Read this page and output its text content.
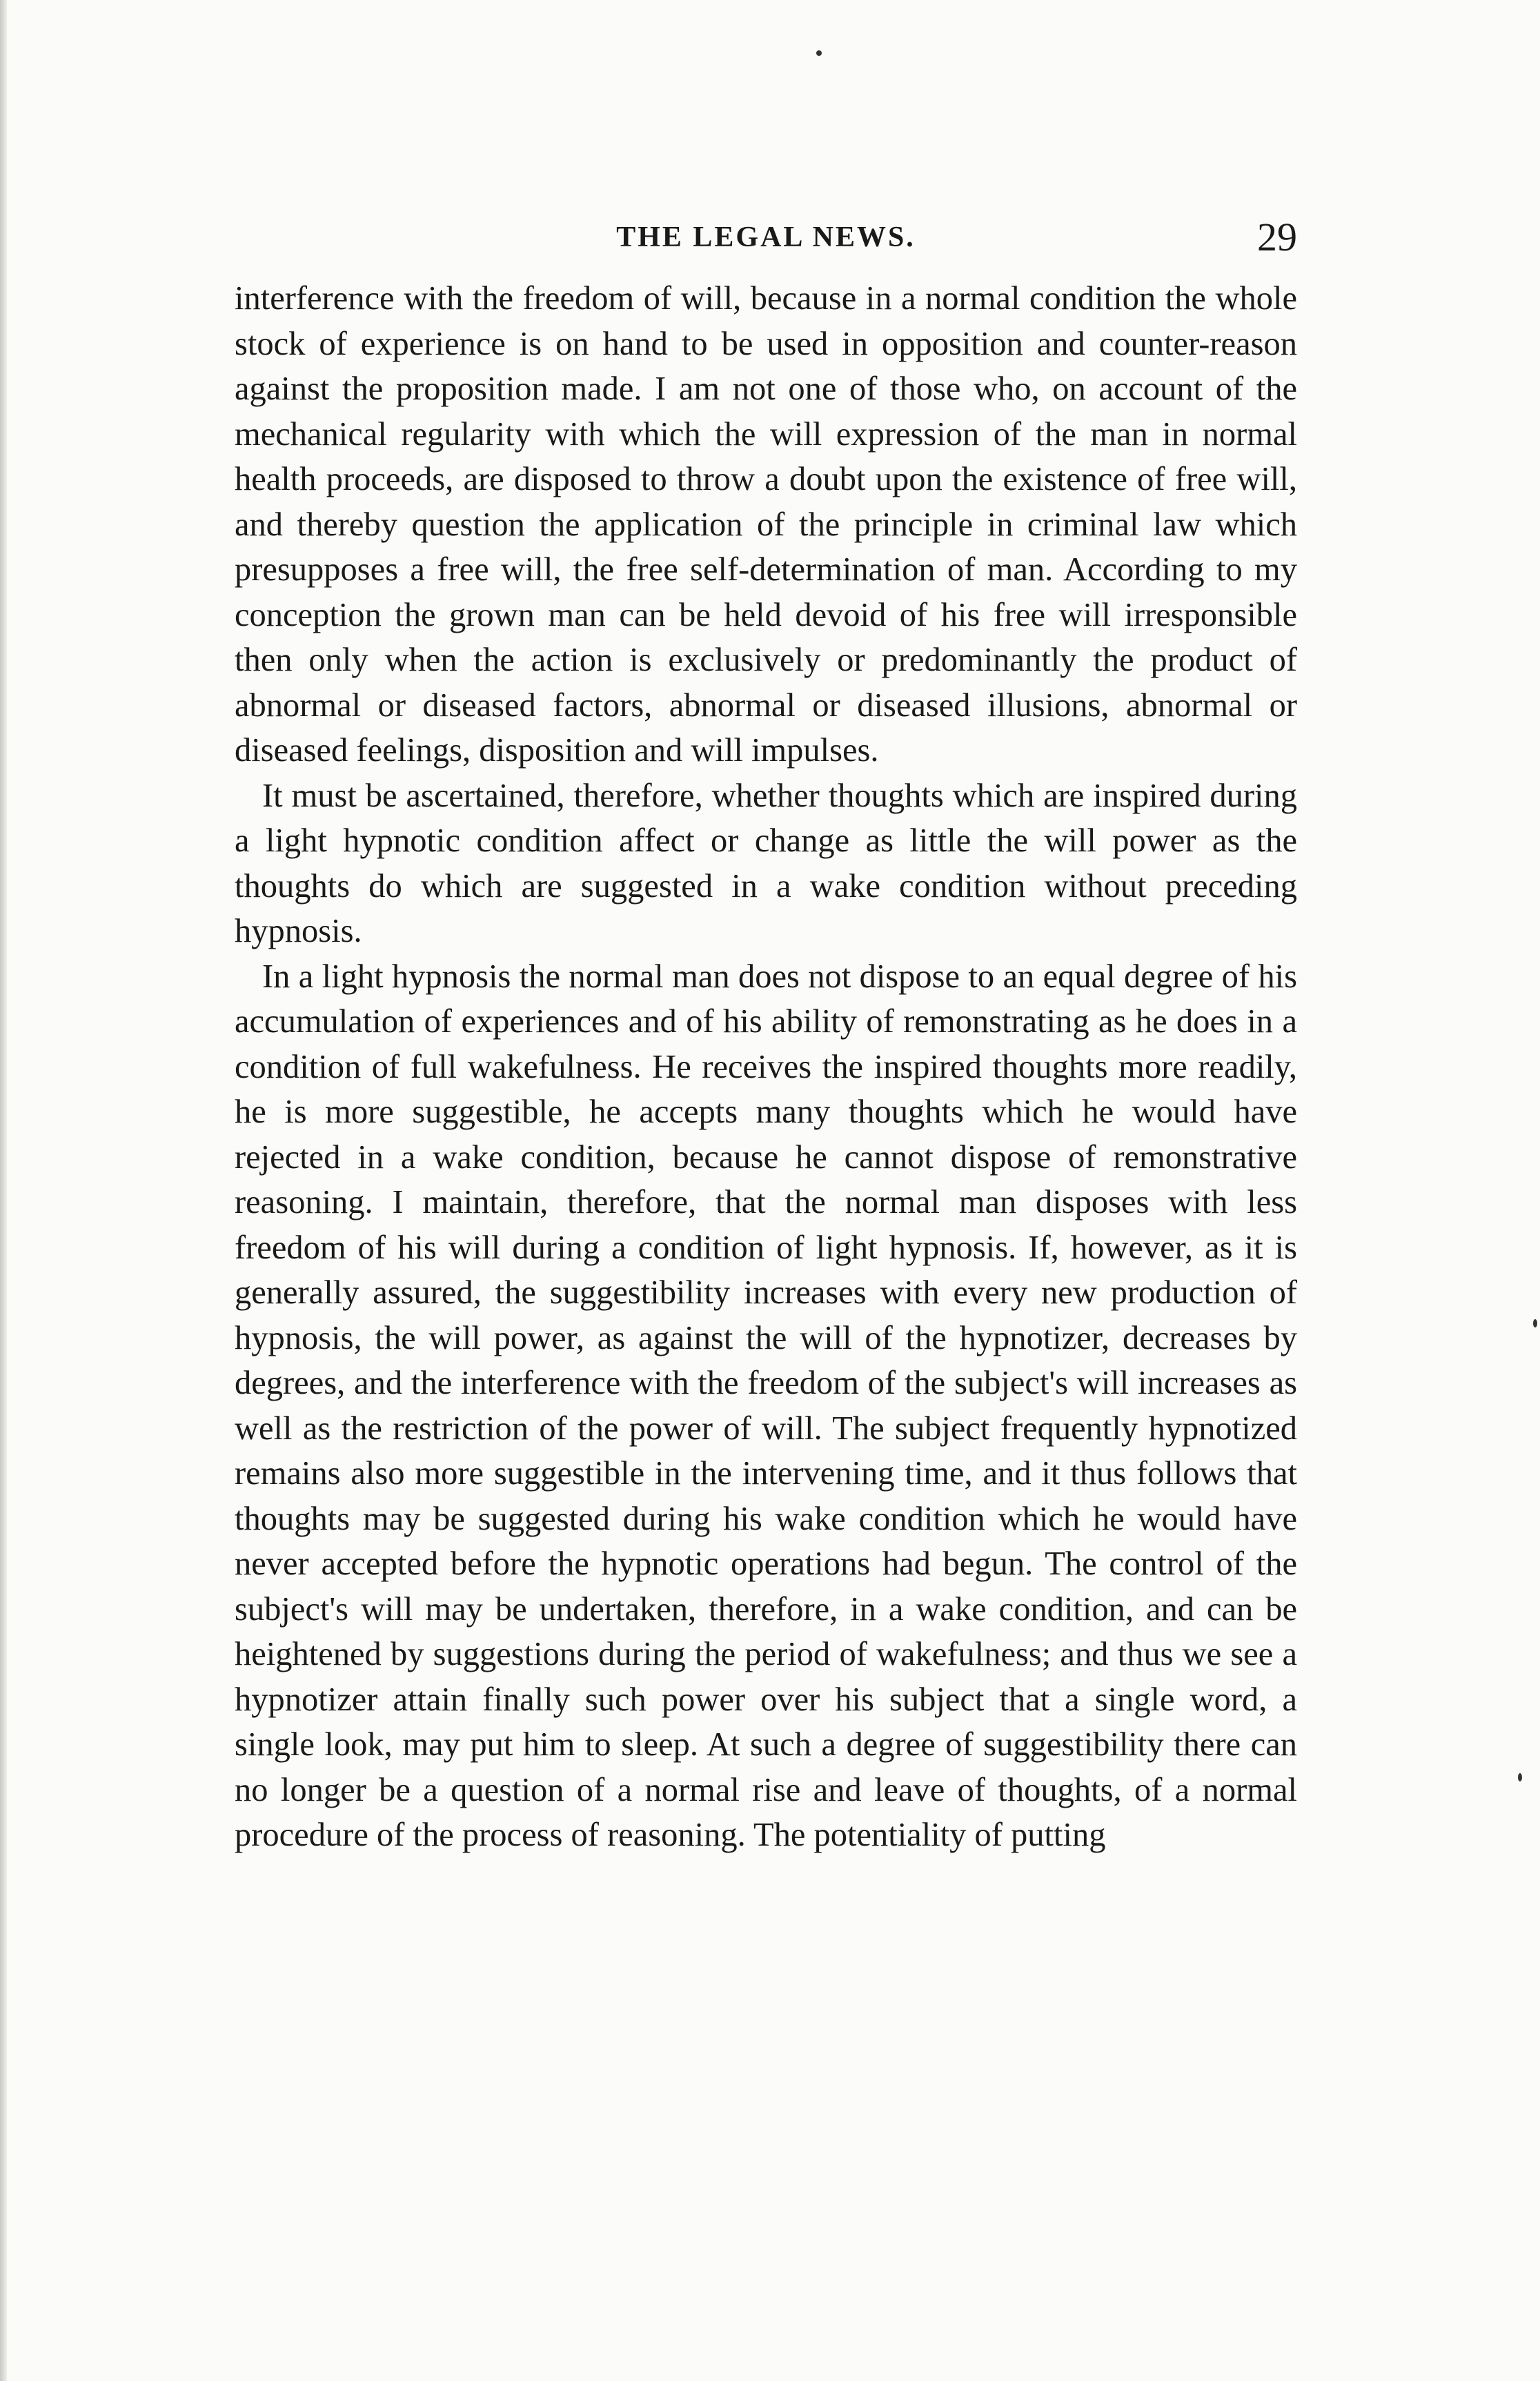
THE LEGAL NEWS.	29

interference with the freedom of will, because in a normal condition the whole stock of experience is on hand to be used in opposition and counter-reason against the proposition made. I am not one of those who, on account of the mechanical regularity with which the will expression of the man in normal health proceeds, are disposed to throw a doubt upon the existence of free will, and thereby question the application of the principle in criminal law which presupposes a free will, the free self-determination of man. According to my conception the grown man can be held devoid of his free will irresponsible then only when the action is exclusively or predominantly the product of abnormal or diseased factors, abnormal or diseased illusions, abnormal or diseased feelings, disposition and will impulses.

It must be ascertained, therefore, whether thoughts which are inspired during a light hypnotic condition affect or change as little the will power as the thoughts do which are suggested in a wake condition without preceding hypnosis.

In a light hypnosis the normal man does not dispose to an equal degree of his accumulation of experiences and of his ability of remonstrating as he does in a condition of full wakefulness. He receives the inspired thoughts more readily, he is more suggestible, he accepts many thoughts which he would have rejected in a wake condition, because he cannot dispose of remonstrative reasoning. I maintain, therefore, that the normal man disposes with less freedom of his will during a condition of light hypnosis. If, however, as it is generally assured, the suggestibility increases with every new production of hypnosis, the will power, as against the will of the hypnotizer, decreases by degrees, and the interference with the freedom of the subject's will increases as well as the restriction of the power of will. The subject frequently hypnotized remains also more suggestible in the intervening time, and it thus follows that thoughts may be suggested during his wake condition which he would have never accepted before the hypnotic operations had begun. The control of the subject's will may be undertaken, therefore, in a wake condition, and can be heightened by suggestions during the period of wakefulness; and thus we see a hypnotizer attain finally such power over his subject that a single word, a single look, may put him to sleep. At such a degree of suggestibility there can no longer be a question of a normal rise and leave of thoughts, of a normal procedure of the process of reasoning. The potentiality of putting
